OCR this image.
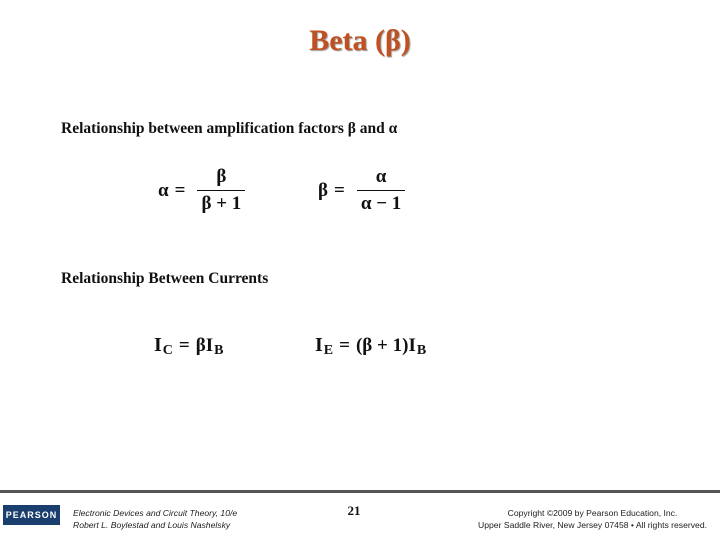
Beta (β)
Relationship between amplification factors β and α
$\alpha = \frac{\beta}{\beta + 1}$	$\beta = \frac{\alpha}{\alpha - 1}$
Relationship Between Currents
I C = βI B	I E = (β + 1)I B
PEARSON	Electronic Devices and Circuit Theory, 10/e
Robert L. Boylestad and Louis Nashelsky
21	Copyright ©2009 by Pearson Education, Inc.
Upper Saddle River, New Jersey 07458 • All rights reserved.
